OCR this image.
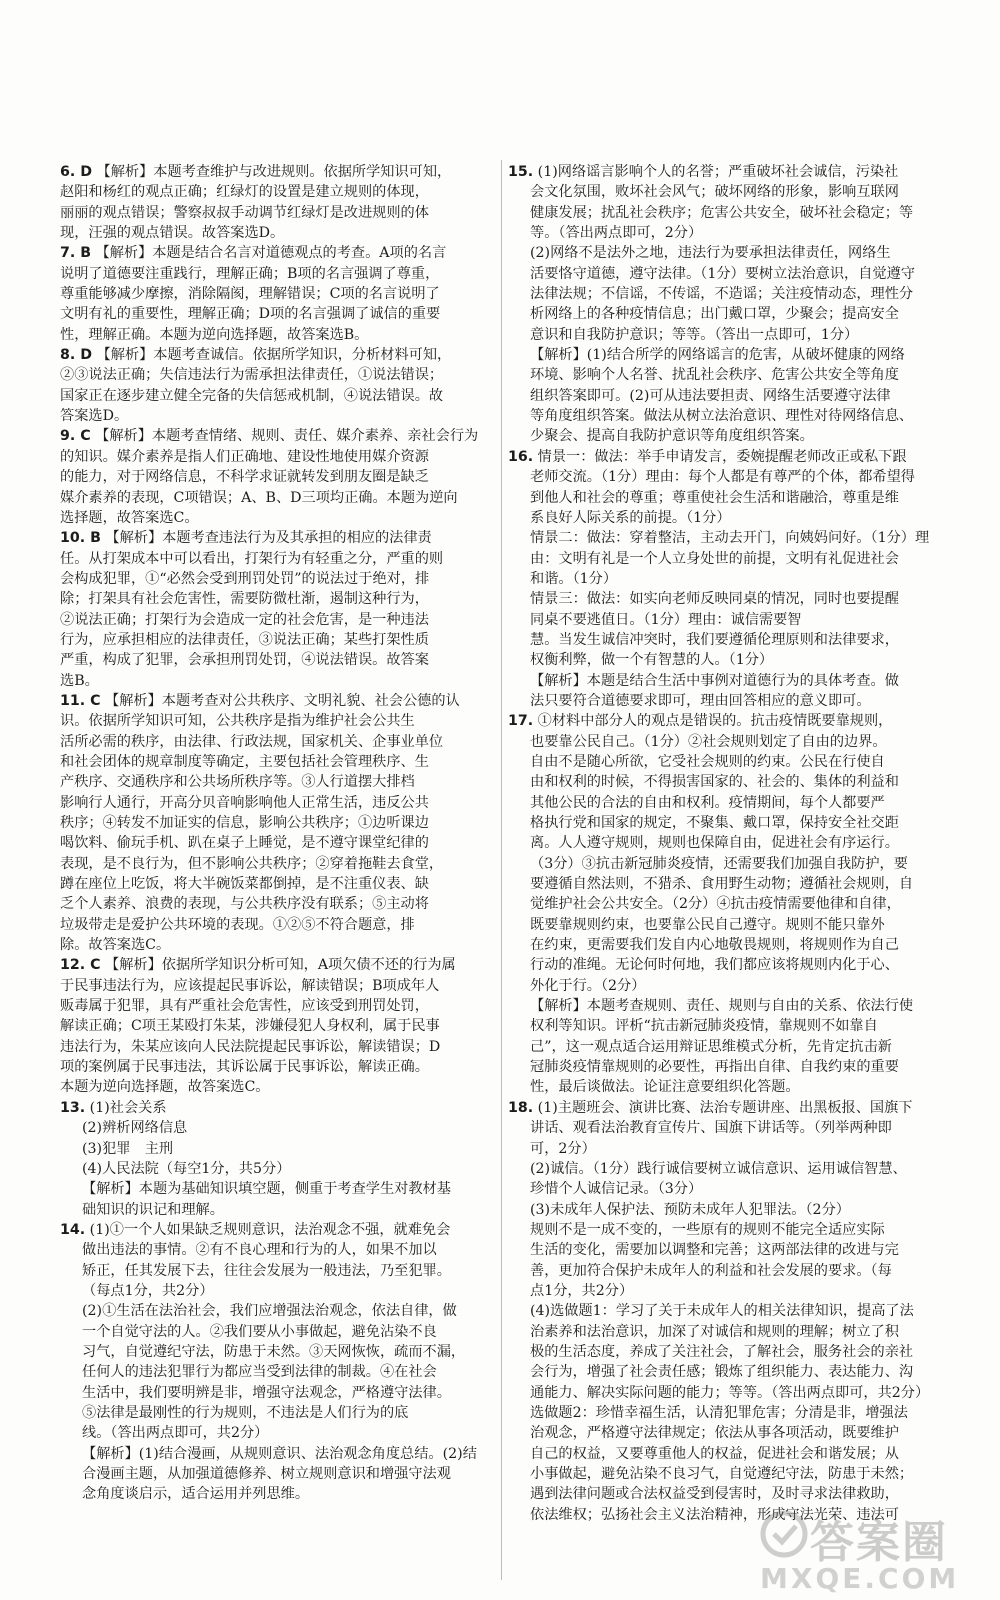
6. D 【解析】本题考查维护与改进规则。依据所学知识可知，
赵阳和杨红的观点正确；红绿灯的设置是建立规则的体现，
丽丽的观点错误；警察叔叔手动调节红绿灯是改进规则的体
现，汪强的观点错误。故答案选D。
7. B 【解析】本题是结合名言对道德观点的考查。A项的名言
说明了道德要注重践行，理解正确；B项的名言强调了尊重，
尊重能够减少摩擦，消除隔阂，理解错误；C项的名言说明了
文明有礼的重要性，理解正确；D项的名言强调了诚信的重要
性，理解正确。本题为逆向选择题，故答案选B。
8. D 【解析】本题考查诚信。依据所学知识，分析材料可知，
②③说法正确；失信违法行为需承担法律责任，①说法错误；
国家正在逐步建立健全完备的失信惩戒机制，④说法错误。故
答案选D。
9. C 【解析】本题考查情绪、规则、责任、媒介素养、亲社会行为
的知识。媒介素养是指人们正确地、建设性地使用媒介资源
的能力，对于网络信息，不科学求证就转发到朋友圈是缺乏
媒介素养的表现，C项错误；A、B、D三项均正确。本题为逆向
选择题，故答案选C。
10. B 【解析】本题考查违法行为及其承担的相应的法律责
任。从打架成本中可以看出，打架行为有轻重之分，严重的则
会构成犯罪，①“必然会受到刑罚处罚”的说法过于绝对，排
除；打架具有社会危害性，需要防微杜渐，遏制这种行为，
②说法正确；打架行为会造成一定的社会危害，是一种违法
行为，应承担相应的法律责任，③说法正确；某些打架性质
严重，构成了犯罪，会承担刑罚处罚，④说法错误。故答案
选B。
11. C 【解析】本题考查对公共秩序、文明礼貌、社会公德的认
识。依据所学知识可知，公共秩序是指为维护社会公共生
活所必需的秩序，由法律、行政法规，国家机关、企事业单位
和社会团体的规章制度等确定，主要包括社会管理秩序、生
产秩序、交通秩序和公共场所秩序等。③人行道摆大排档
影响行人通行，开高分贝音响影响他人正常生活，违反公共
秩序；④转发不加证实的信息，影响公共秩序；①边听课边
喝饮料、偷玩手机、趴在桌子上睡觉，是不遵守课堂纪律的
表现，是不良行为，但不影响公共秩序；②穿着拖鞋去食堂，
蹲在座位上吃饭，将大半碗饭菜都倒掉，是不注重仪表、缺
乏个人素养、浪费的表现，与公共秩序没有联系；⑤主动将
垃圾带走是爱护公共环境的表现。①②⑤不符合题意，排
除。故答案选C。
12. C 【解析】依据所学知识分析可知，A项欠债不还的行为属
于民事违法行为，应该提起民事诉讼，解读错误；B项成年人
贩毒属于犯罪，具有严重社会危害性，应该受到刑罚处罚，
解读正确；C项王某殴打朱某，涉嫌侵犯人身权利，属于民事
违法行为，朱某应该向人民法院提起民事诉讼，解读错误；D
项的案例属于民事违法，其诉讼属于民事诉讼，解读正确。
本题为逆向选择题，故答案选C。
13. (1)社会关系
(2)辨析网络信息
(3)犯罪　主刑
(4)人民法院（每空1分，共5分）
【解析】本题为基础知识填空题，侧重于考查学生对教材基
础知识的识记和理解。
14. (1)①一个人如果缺乏规则意识，法治观念不强，就难免会
做出违法的事情。②有不良心理和行为的人，如果不加以
矫正，任其发展下去，往往会发展为一般违法，乃至犯罪。
（每点1分，共2分）
(2)①生活在法治社会，我们应增强法治观念，依法自律，做
一个自觉守法的人。②我们要从小事做起，避免沾染不良
习气，自觉遵纪守法，防患于未然。③天网恢恢，疏而不漏，
任何人的违法犯罪行为都应当受到法律的制裁。④在社会
生活中，我们要明辨是非，增强守法观念，严格遵守法律。
⑤法律是最刚性的行为规则，不违法是人们行为的底
线。（答出两点即可，共2分）
【解析】(1)结合漫画，从规则意识、法治观念角度总结。(2)结
合漫画主题，从加强道德修养、树立规则意识和增强守法观
念角度谈启示，适合运用并列思维。
15. (1)网络谣言影响个人的名誉；严重破坏社会诚信，污染社
会文化氛围，败坏社会风气；破坏网络的形象，影响互联网
健康发展；扰乱社会秩序；危害公共安全，破坏社会稳定；等
等。（答出两点即可，2分）
(2)网络不是法外之地，违法行为要承担法律责任，网络生
活要恪守道德，遵守法律。（1分）要树立法治意识，自觉遵守
法律法规；不信谣，不传谣，不造谣；关注疫情动态，理性分
析网络上的各种疫情信息；出门戴口罩，少聚会；提高安全
意识和自我防护意识；等等。（答出一点即可，1分）
【解析】(1)结合所学的网络谣言的危害，从破坏健康的网络
环境、影响个人名誉、扰乱社会秩序、危害公共安全等角度
组织答案即可。(2)可从违法要担责、网络生活要遵守法律
等角度组织答案。做法从树立法治意识、理性对待网络信息、
少聚会、提高自我防护意识等角度组织答案。
16. 情景一：做法：举手申请发言，委婉提醒老师改正或私下跟
老师交流。（1分）理由：每个人都是有尊严的个体，都希望得
到他人和社会的尊重；尊重使社会生活和谐融洽，尊重是维
系良好人际关系的前提。（1分）
情景二：做法：穿着整洁，主动去开门，向姨妈问好。（1分）理
由：文明有礼是一个人立身处世的前提，文明有礼促进社会
和谐。（1分）
情景三：做法：如实向老师反映同桌的情况，同时也要提醒
同桌不要逃值日。（1分）理由：诚信需要智
慧。当发生诚信冲突时，我们要遵循伦理原则和法律要求，
权衡利弊，做一个有智慧的人。（1分）
【解析】本题是结合生活中事例对道德行为的具体考查。做
法只要符合道德要求即可，理由回答相应的意义即可。
17. ①材料中部分人的观点是错误的。抗击疫情既要靠规则，
也要靠公民自己。（1分）②社会规则划定了自由的边界。
自由不是随心所欲，它受社会规则的约束。公民在行使自
由和权利的时候，不得损害国家的、社会的、集体的利益和
其他公民的合法的自由和权利。疫情期间，每个人都要严
格执行党和国家的规定，不聚集、戴口罩，保持安全社交距
离。人人遵守规则，规则也保障自由，促进社会有序运行。
（3分）③抗击新冠肺炎疫情，还需要我们加强自我防护，要
要遵循自然法则，不猎杀、食用野生动物；遵循社会规则，自
觉维护社会公共安全。（2分）④抗击疫情需要他律和自律，
既要靠规则约束，也要靠公民自己遵守。规则不能只靠外
在约束，更需要我们发自内心地敬畏规则，将规则作为自己
行动的准绳。无论何时何地，我们都应该将规则内化于心、
外化于行。（2分）
【解析】本题考查规则、责任、规则与自由的关系、依法行使
权利等知识。评析“抗击新冠肺炎疫情，靠规则不如靠自
己”，这一观点适合运用辩证思维模式分析，先肯定抗击新
冠肺炎疫情靠规则的必要性，再指出自律、自我约束的重要
性，最后谈做法。论证注意要组织化答题。
18. (1)主题班会、演讲比赛、法治专题讲座、出黑板报、国旗下
讲话、观看法治教育宣传片、国旗下讲话等。（列举两种即
可，2分）
(2)诚信。（1分）践行诚信要树立诚信意识、运用诚信智慧、
珍惜个人诚信记录。（3分）
(3)未成年人保护法、预防未成年人犯罪法。（2分）
规则不是一成不变的，一些原有的规则不能完全适应实际
生活的变化，需要加以调整和完善；这两部法律的改进与完
善，更加符合保护未成年人的利益和社会发展的要求。（每
点1分，共2分）
(4)选做题1：学习了关于未成年人的相关法律知识，提高了法
治素养和法治意识，加深了对诚信和规则的理解；树立了积
极的生活态度，养成了关注社会，了解社会，服务社会的亲社
会行为，增强了社会责任感；锻炼了组织能力、表达能力、沟
通能力、解决实际问题的能力；等等。（答出两点即可，共2分）
选做题2：珍惜幸福生活，认清犯罪危害；分清是非，增强法
治观念，严格遵守法律规定；依法从事各项活动，既要维护
自己的权益，又要尊重他人的权益，促进社会和谐发展；从
小事做起，避免沾染不良习气，自觉遵纪守法，防患于未然；
遇到法律问题或合法权益受到侵害时，及时寻求法律救助，
依法维权；弘扬社会主义法治精神，形成守法光荣、违法可
答案圈
MXQE.COM
